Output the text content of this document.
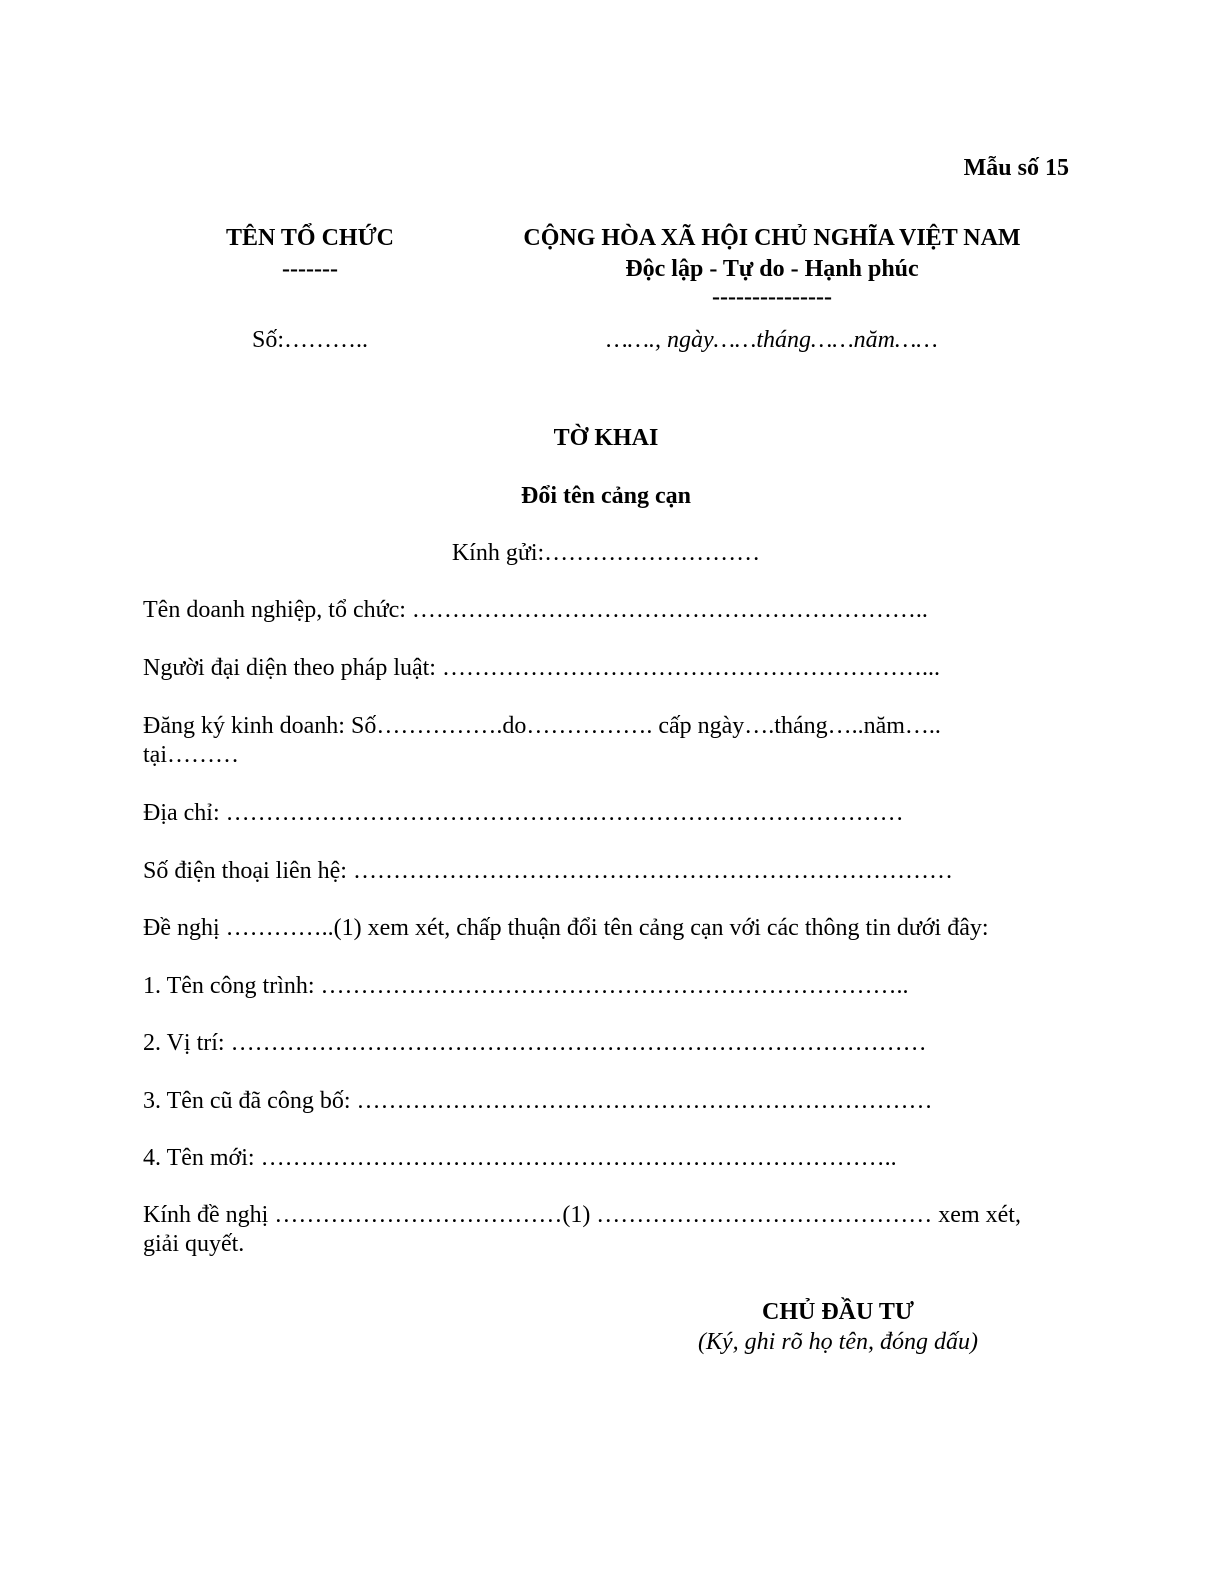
Mẫu số 15
TÊN TỔ CHỨC
-------
CỘNG HÒA XÃ HỘI CHỦ NGHĨA VIỆT NAM
Độc lập - Tự do - Hạnh phúc
---------------
Số:………..	……., ngày……tháng……năm……
TỜ KHAI
Đổi tên cảng cạn
Kính gửi:………………………
Tên doanh nghiệp, tổ chức: ………………………………………………………..
Người đại diện theo pháp luật: ……………………………………………………...
Đăng ký kinh doanh: Số…………….do……………. cấp ngày….tháng…..năm….. tại………
Địa chỉ: ……………………………………….…………………………………
Số điện thoại liên hệ: …………………………………………………………………
Đề nghị …………..(1) xem xét, chấp thuận đổi tên cảng cạn với các thông tin dưới đây:
1. Tên công trình: ………………………………………………………………..
2. Vị trí: ……………………………………………………………………………
3. Tên cũ đã công bố: ………………………………………………………………
4. Tên mới: ……………………………………………………………………..
Kính đề nghị ………………………………(1) …………………………………… xem xét, giải quyết.
CHỦ ĐẦU TƯ
(Ký, ghi rõ họ tên, đóng dấu)
